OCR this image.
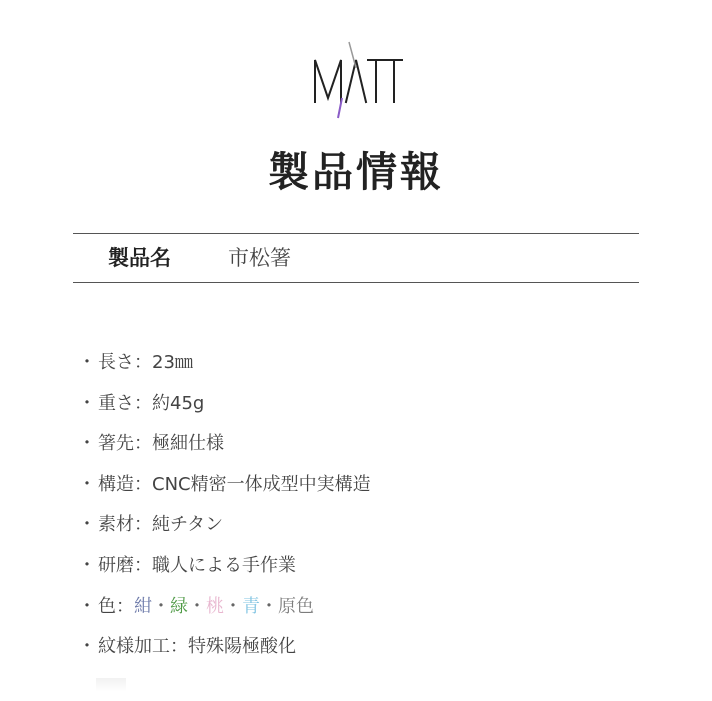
製品情報
製品名	市松箸
・ 長さ：23㎜
・ 重さ：約45g
・ 箸先：極細仕様
・ 構造：CNC精密一体成型中実構造
・ 素材：純チタン
・ 研磨：職人による手作業
・ 色：紺・緑・桃・青・原色
・ 紋様加工：特殊陽極酸化
